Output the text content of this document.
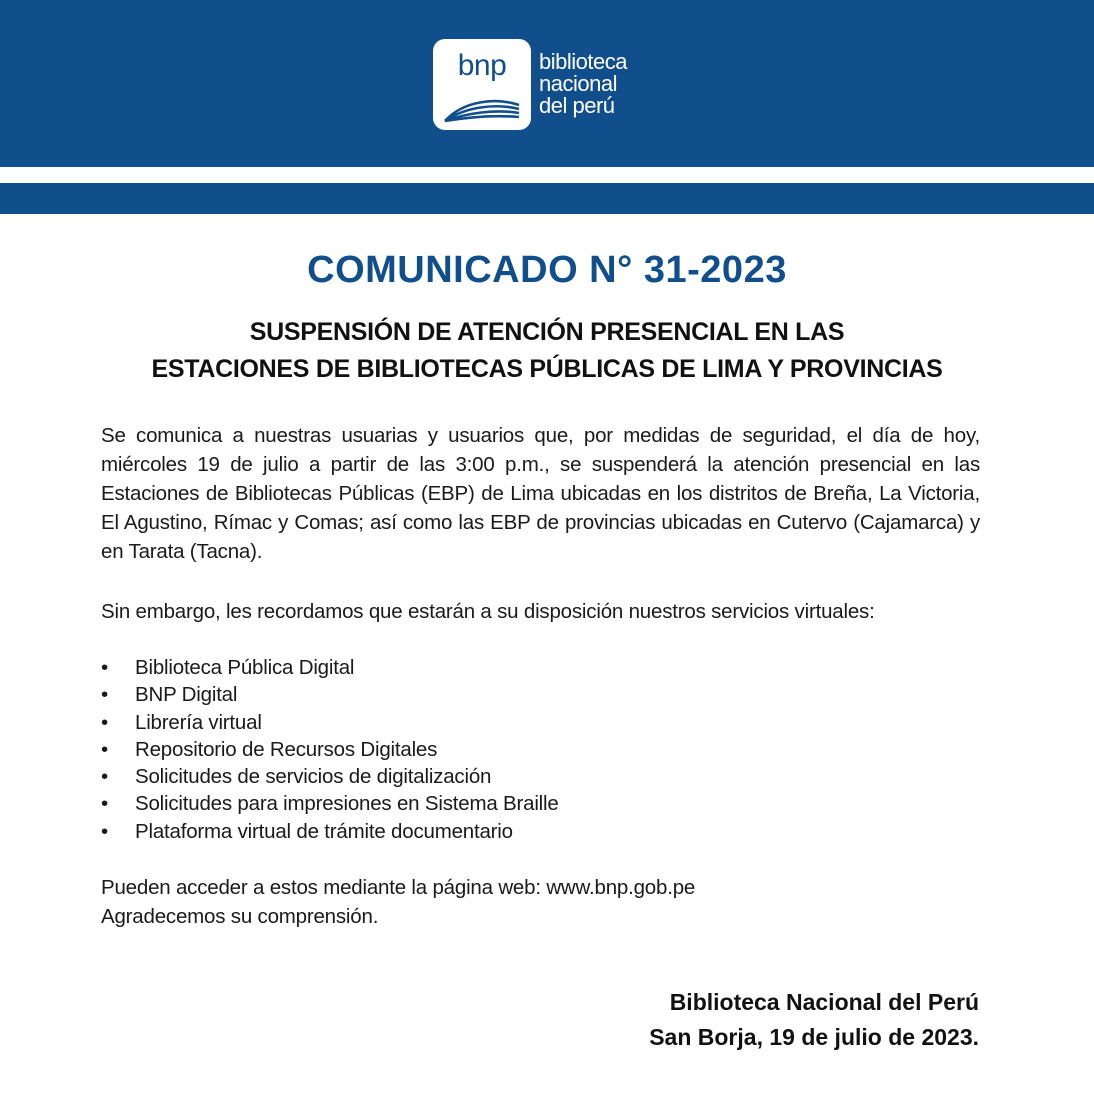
bnp	biblioteca
nacional
del perú
COMUNICADO N° 31-2023
SUSPENSIÓN DE ATENCIÓN PRESENCIAL EN LAS
ESTACIONES DE BIBLIOTECAS PÚBLICAS DE LIMA Y PROVINCIAS
Se comunica a nuestras usuarias y usuarios que, por medidas de seguridad, el día de hoy, miércoles 19 de julio a partir de las 3:00 p.m., se suspenderá la atención presencial en las Estaciones de Bibliotecas Públicas (EBP) de Lima ubicadas en los distritos de Breña, La Victoria, El Agustino, Rímac y Comas; así como las EBP de provincias ubicadas en Cutervo (Cajamarca) y en Tarata (Tacna).
Sin embargo, les recordamos que estarán a su disposición nuestros servicios virtuales:
• Biblioteca Pública Digital
• BNP Digital
• Librería virtual
• Repositorio de Recursos Digitales
• Solicitudes de servicios de digitalización
• Solicitudes para impresiones en Sistema Braille
• Plataforma virtual de trámite documentario
Pueden acceder a estos mediante la página web: www.bnp.gob.pe
Agradecemos su comprensión.
Biblioteca Nacional del Perú
San Borja, 19 de julio de 2023.
